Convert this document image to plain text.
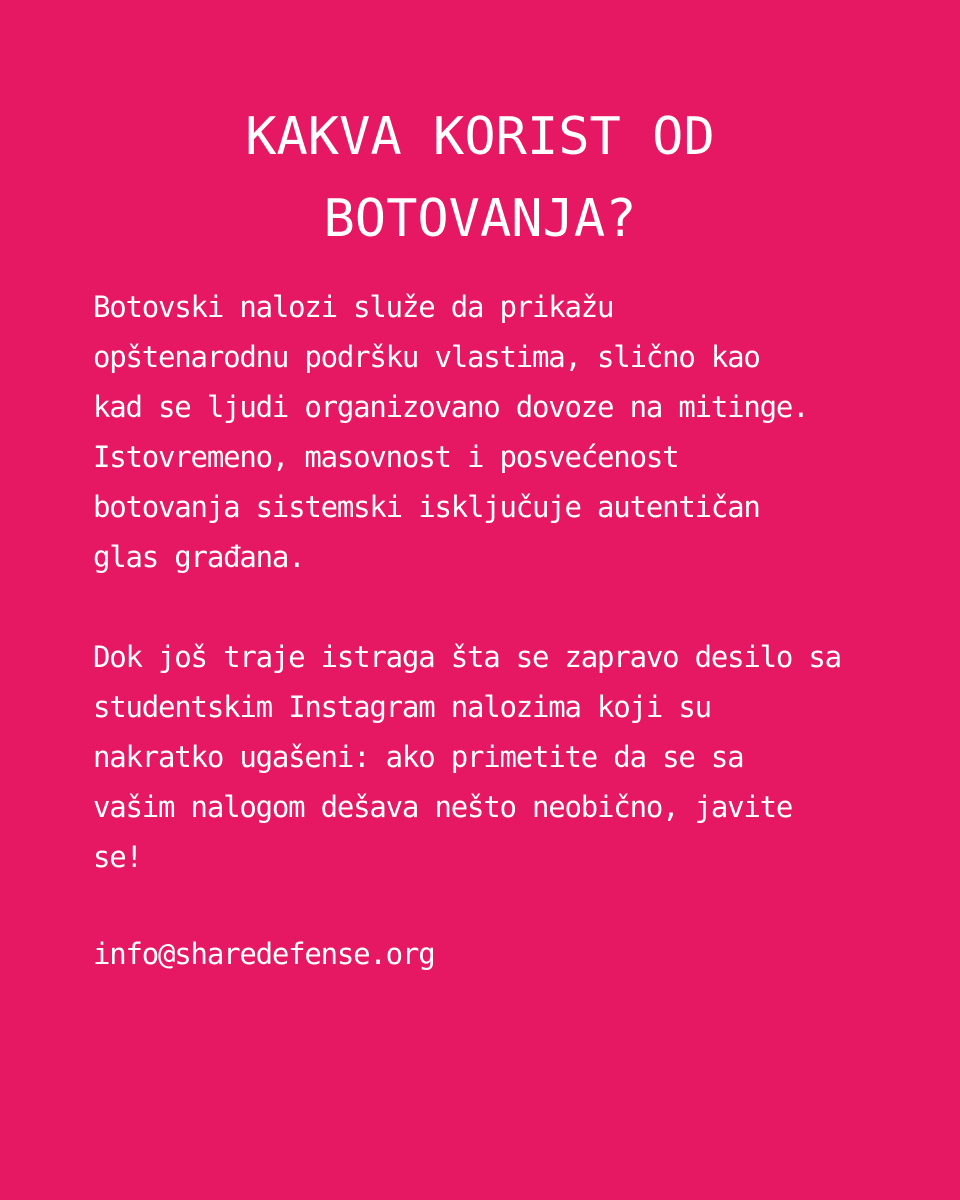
KAKVA KORIST OD
BOTOVANJA?
Botovski nalozi služe da prikažu
opštenarodnu podršku vlastima, slično kao
kad se ljudi organizovano dovoze na mitinge.
Istovremeno, masovnost i posvećenost
botovanja sistemski isključuje autentičan
glas građana.
Dok još traje istraga šta se zapravo desilo sa
studentskim Instagram nalozima koji su
nakratko ugašeni: ako primetite da se sa
vašim nalogom dešava nešto neobično, javite
se!
info@sharedefense.org
